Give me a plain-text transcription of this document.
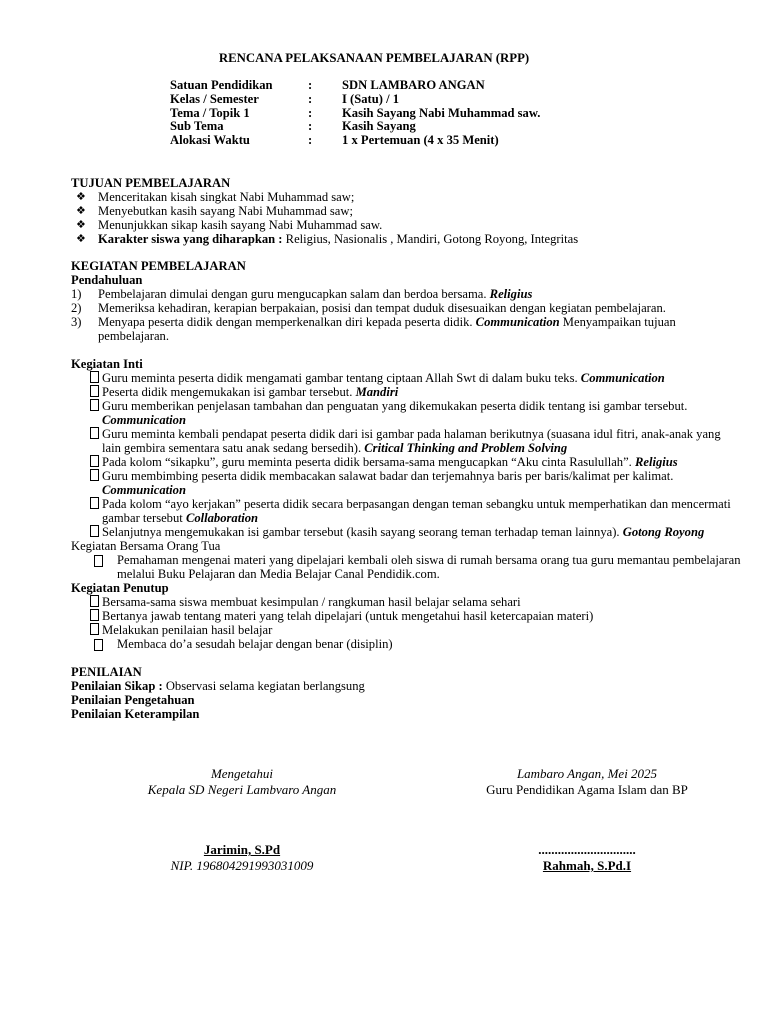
RENCANA PELAKSANAAN PEMBELAJARAN (RPP)
Satuan Pendidikan	: SDN LAMBARO ANGAN
Kelas / Semester	: I (Satu) / 1
Tema / Topik 1	: Kasih Sayang Nabi Muhammad saw.
Sub Tema	: Kasih Sayang
Alokasi Waktu	: 1 x Pertemuan (4 x 35 Menit)
TUJUAN PEMBELAJARAN
❖ Menceritakan kisah singkat Nabi Muhammad saw;
❖ Menyebutkan kasih sayang Nabi Muhammad saw;
❖ Menunjukkan sikap kasih sayang Nabi Muhammad saw.
❖ Karakter siswa yang diharapkan : Religius, Nasionalis , Mandiri, Gotong Royong, Integritas
KEGIATAN PEMBELAJARAN
Pendahuluan
1) Pembelajaran dimulai dengan guru mengucapkan salam dan berdoa bersama. Religius
2) Memeriksa kehadiran, kerapian berpakaian, posisi dan tempat duduk disesuaikan dengan kegiatan pembelajaran.
3) Menyapa peserta didik dengan memperkenalkan diri kepada peserta didik. Communication Menyampaikan tujuan pembelajaran.
Kegiatan Inti
Guru meminta peserta didik mengamati gambar tentang ciptaan Allah Swt di dalam buku teks. Communication
Peserta didik mengemukakan isi gambar tersebut. Mandiri
Guru memberikan penjelasan tambahan dan penguatan yang dikemukakan peserta didik tentang isi gambar tersebut. Communication
Guru meminta kembali pendapat peserta didik dari isi gambar pada halaman berikutnya (suasana idul fitri, anak-anak yang lain gembira sementara satu anak sedang bersedih). Critical Thinking and Problem Solving
Pada kolom “sikapku”, guru meminta peserta didik bersama-sama mengucapkan “Aku cinta Rasulullah”. Religius
Guru membimbing peserta didik membacakan salawat badar dan terjemahnya baris per baris/kalimat per kalimat. Communication
Pada kolom “ayo kerjakan” peserta didik secara berpasangan dengan teman sebangku untuk memperhatikan dan mencermati gambar tersebut Collaboration
Selanjutnya mengemukakan isi gambar tersebut (kasih sayang seorang teman terhadap teman lainnya). Gotong Royong
Kegiatan Bersama Orang Tua
Pemahaman mengenai materi yang dipelajari kembali oleh siswa di rumah bersama orang tua guru memantau pembelajaran melalui Buku Pelajaran dan Media Belajar Canal Pendidik.com.
Kegiatan Penutup
Bersama-sama siswa membuat kesimpulan / rangkuman hasil belajar selama sehari
Bertanya jawab tentang materi yang telah dipelajari (untuk mengetahui hasil ketercapaian materi)
Melakukan penilaian hasil belajar
Membaca do’a sesudah belajar dengan benar (disiplin)
PENILAIAN
Penilaian Sikap : Observasi selama kegiatan berlangsung
Penilaian Pengetahuan
Penilaian Keterampilan
Mengetahui
Kepala SD Negeri Lambvaro Angan
Jarimin, S.Pd
NIP. 196804291993031009
Lambaro Angan, Mei 2025
Guru Pendidikan Agama Islam dan BP
..............................
Rahmah, S.Pd.I
